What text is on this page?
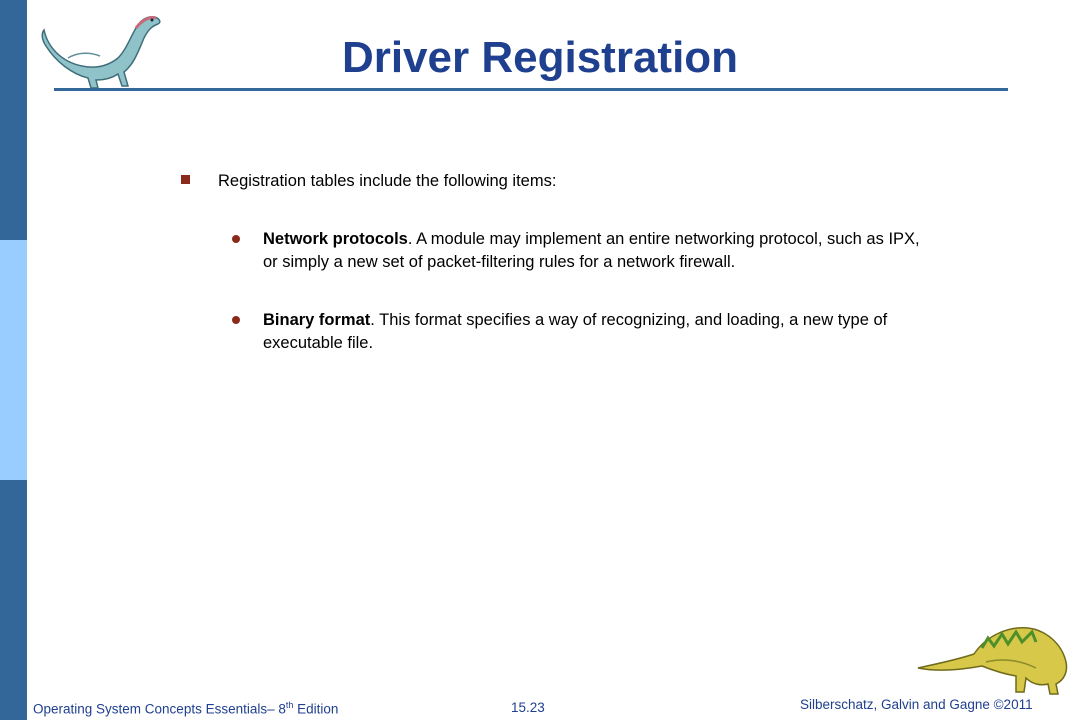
Driver Registration
Registration tables include the following items:
Network protocols. A module may implement an entire networking protocol, such as IPX, or simply a new set of packet-filtering rules for a network firewall.
Binary format. This format specifies a way of recognizing, and loading, a new type of executable file.
Operating System Concepts Essentials– 8th Edition	15.23	Silberschatz, Galvin and Gagne ©2011
